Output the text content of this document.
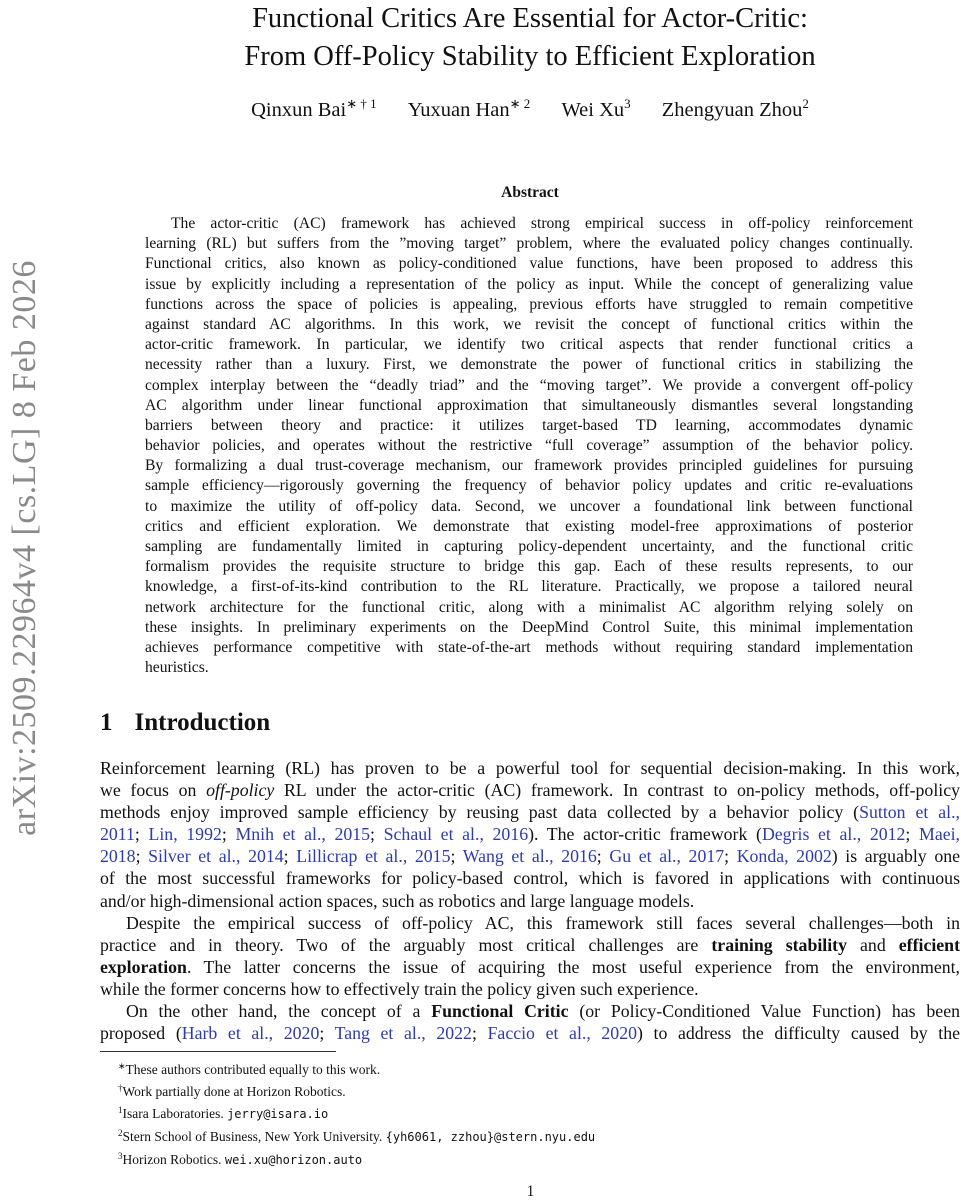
arXiv:2509.22964v4 [cs.LG] 8 Feb 2026
Functional Critics Are Essential for Actor-Critic:
From Off-Policy Stability to Efficient Exploration
Qinxun Bai$^{∗ \dagger 1}$ Yuxuan Han$^{∗ 2}$ Wei Xu$^3$ Zhengyuan Zhou$^2$
Abstract
The actor-critic (AC) framework has achieved strong empirical success in off-policy reinforcement
learning (RL) but suffers from the ”moving target” problem, where the evaluated policy changes continually.
Functional critics, also known as policy-conditioned value functions, have been proposed to address this
issue by explicitly including a representation of the policy as input. While the concept of generalizing value
functions across the space of policies is appealing, previous efforts have struggled to remain competitive
against standard AC algorithms. In this work, we revisit the concept of functional critics within the
actor-critic framework. In particular, we identify two critical aspects that render functional critics a
necessity rather than a luxury. First, we demonstrate the power of functional critics in stabilizing the
complex interplay between the “deadly triad” and the “moving target”. We provide a convergent off-policy
AC algorithm under linear functional approximation that simultaneously dismantles several longstanding
barriers between theory and practice: it utilizes target-based TD learning, accommodates dynamic
behavior policies, and operates without the restrictive “full coverage” assumption of the behavior policy.
By formalizing a dual trust-coverage mechanism, our framework provides principled guidelines for pursuing
sample efficiency—rigorously governing the frequency of behavior policy updates and critic re-evaluations
to maximize the utility of off-policy data. Second, we uncover a foundational link between functional
critics and efficient exploration. We demonstrate that existing model-free approximations of posterior
sampling are fundamentally limited in capturing policy-dependent uncertainty, and the functional critic
formalism provides the requisite structure to bridge this gap. Each of these results represents, to our
knowledge, a first-of-its-kind contribution to the RL literature. Practically, we propose a tailored neural
network architecture for the functional critic, along with a minimalist AC algorithm relying solely on
these insights. In preliminary experiments on the DeepMind Control Suite, this minimal implementation
achieves performance competitive with state-of-the-art methods without requiring standard implementation
heuristics.
1 Introduction
Reinforcement learning (RL) has proven to be a powerful tool for sequential decision-making. In this work,
we focus on off-policy RL under the actor-critic (AC) framework. In contrast to on-policy methods, off-policy
methods enjoy improved sample efficiency by reusing past data collected by a behavior policy (Sutton et al.,
2011; Lin, 1992; Mnih et al., 2015; Schaul et al., 2016). The actor-critic framework (Degris et al., 2012; Maei,
2018; Silver et al., 2014; Lillicrap et al., 2015; Wang et al., 2016; Gu et al., 2017; Konda, 2002) is arguably one
of the most successful frameworks for policy-based control, which is favored in applications with continuous
and/or high-dimensional action spaces, such as robotics and large language models.
Despite the empirical success of off-policy AC, this framework still faces several challenges—both in
practice and in theory. Two of the arguably most critical challenges are training stability and efficient
exploration. The latter concerns the issue of acquiring the most useful experience from the environment,
while the former concerns how to effectively train the policy given such experience.
On the other hand, the concept of a Functional Critic (or Policy-Conditioned Value Function) has been
proposed (Harb et al., 2020; Tang et al., 2022; Faccio et al., 2020) to address the difficulty caused by the
∗These authors contributed equally to this work.
†Work partially done at Horizon Robotics.
$^1$Isara Laboratories. jerry@isara.io
$^2$Stern School of Business, New York University. {yh6061, zzhou}@stern.nyu.edu
$^3$Horizon Robotics. wei.xu@horizon.auto
1
